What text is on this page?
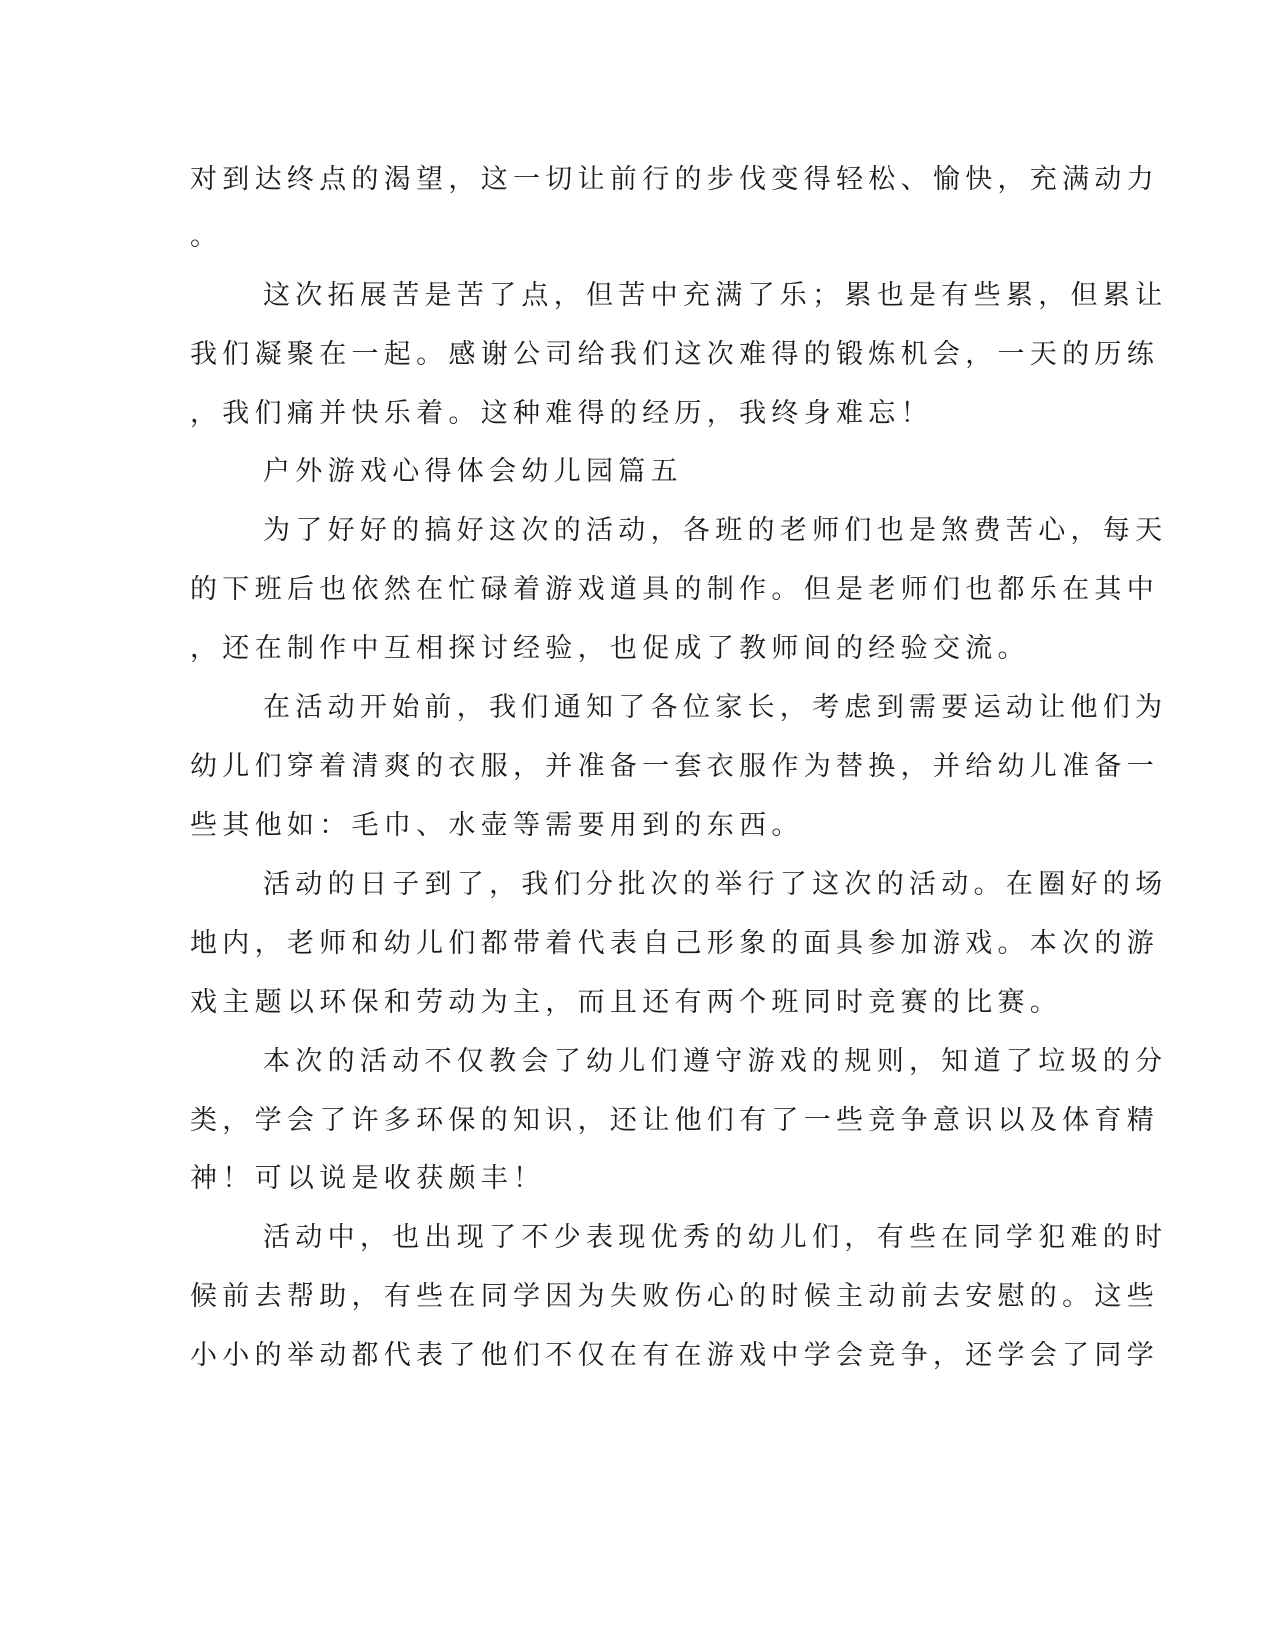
对到达终点的渴望，这一切让前行的步伐变得轻松、愉快，充满动力
。
这次拓展苦是苦了点，但苦中充满了乐；累也是有些累，但累让
我们凝聚在一起。感谢公司给我们这次难得的锻炼机会，一天的历练
，我们痛并快乐着。这种难得的经历，我终身难忘！
户外游戏心得体会幼儿园篇五
为了好好的搞好这次的活动，各班的老师们也是煞费苦心，每天
的下班后也依然在忙碌着游戏道具的制作。但是老师们也都乐在其中
，还在制作中互相探讨经验，也促成了教师间的经验交流。
在活动开始前，我们通知了各位家长，考虑到需要运动让他们为
幼儿们穿着清爽的衣服，并准备一套衣服作为替换，并给幼儿准备一
些其他如：毛巾、水壶等需要用到的东西。
活动的日子到了，我们分批次的举行了这次的活动。在圈好的场
地内，老师和幼儿们都带着代表自己形象的面具参加游戏。本次的游
戏主题以环保和劳动为主，而且还有两个班同时竞赛的比赛。
本次的活动不仅教会了幼儿们遵守游戏的规则，知道了垃圾的分
类，学会了许多环保的知识，还让他们有了一些竞争意识以及体育精
神！可以说是收获颇丰！
活动中，也出现了不少表现优秀的幼儿们，有些在同学犯难的时
候前去帮助，有些在同学因为失败伤心的时候主动前去安慰的。这些
小小的举动都代表了他们不仅在有在游戏中学会竞争，还学会了同学
